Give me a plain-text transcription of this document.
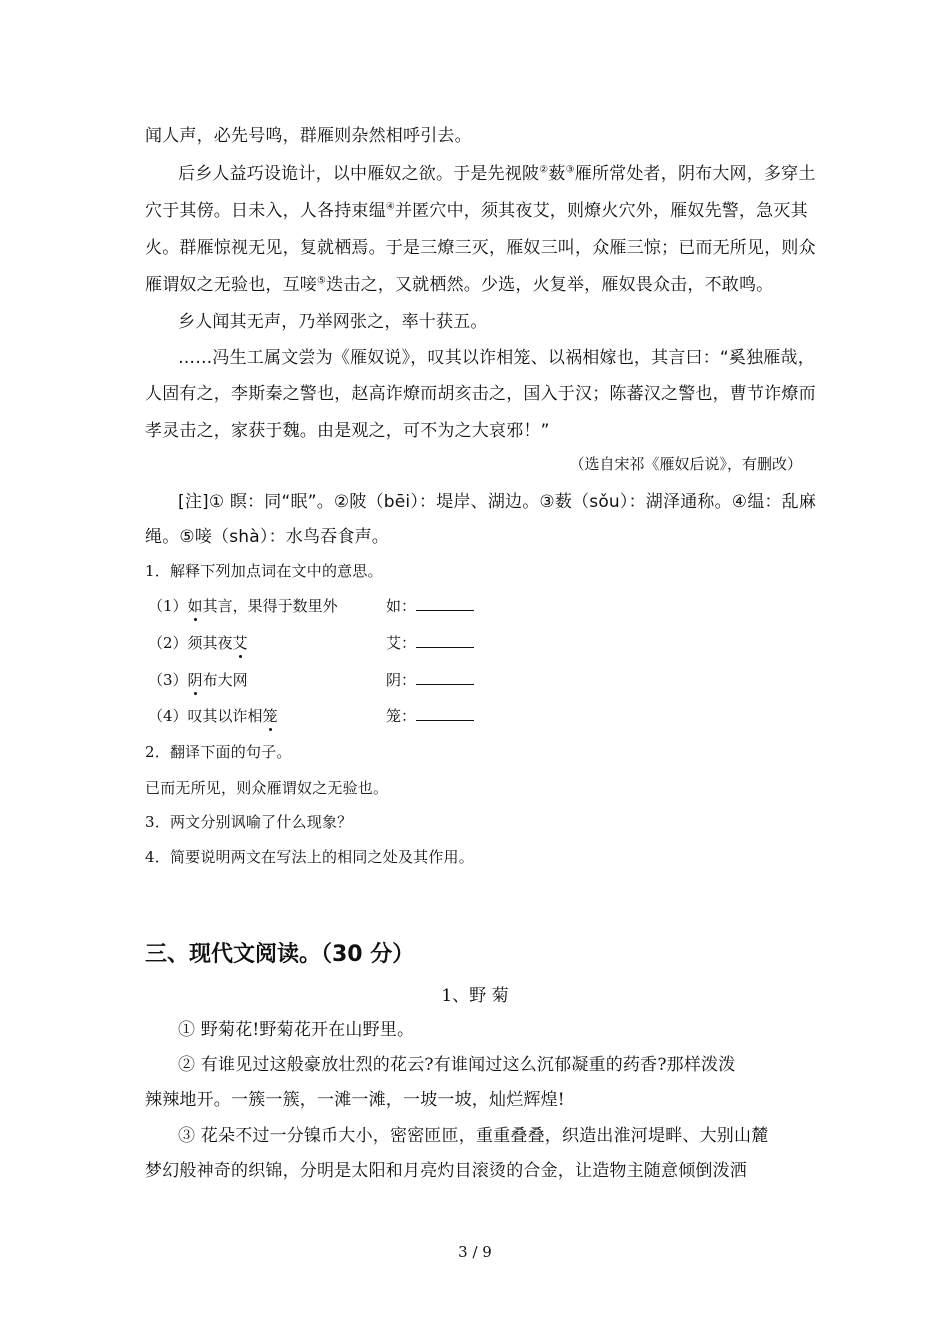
闻人声，必先号鸣，群雁则杂然相呼引去。
后乡人益巧设诡计，以中雁奴之欲。于是先视陂②薮③雁所常处者，阴布大网，多穿土
穴于其傍。日未入，人各持束缊④并匿穴中，须其夜艾，则燎火穴外，雁奴先警，急灭其
火。群雁惊视无见，复就栖焉。于是三燎三灭，雁奴三叫，众雁三惊；已而无所见，则众
雁谓奴之无验也，互唼⑤迭击之，又就栖然。少选，火复举，雁奴畏众击，不敢鸣。
乡人闻其无声，乃举网张之，率十获五。
……冯生工属文尝为《雁奴说》，叹其以诈相笼、以祸相嫁也，其言曰：“奚独雁哉，
人固有之，李斯秦之警也，赵高诈燎而胡亥击之，国入于汉；陈蕃汉之警也，曹节诈燎而
孝灵击之，家获于魏。由是观之，可不为之大哀邪！”
（选自宋祁《雁奴后说》，有删改）
[注]① 瞑：同“眠”。②陂（bēi）：堤岸、湖边。③薮（sǒu）：湖泽通称。④缊：乱麻
绳。⑤唼（shà）：水鸟吞食声。
1．解释下列加点词在文中的意思。
（1）如其言，果得于数里外	如：
（2）须其夜艾	艾：
（3）阴布大网	阴：
（4）叹其以诈相笼	笼：
2．翻译下面的句子。
已而无所见，则众雁谓奴之无验也。
3．两文分别讽喻了什么现象？
4．简要说明两文在写法上的相同之处及其作用。
三、现代文阅读。（30 分）
1、野 菊
① 野菊花!野菊花开在山野里。
② 有谁见过这般豪放壮烈的花云?有谁闻过这么沉郁凝重的药香?那样泼泼
辣辣地开。一簇一簇，一滩一滩，一坡一坡，灿烂辉煌!
③ 花朵不过一分镍币大小，密密匝匝，重重叠叠，织造出淮河堤畔、大别山麓
梦幻般神奇的织锦，分明是太阳和月亮灼目滚烫的合金，让造物主随意倾倒泼洒
3 / 9
